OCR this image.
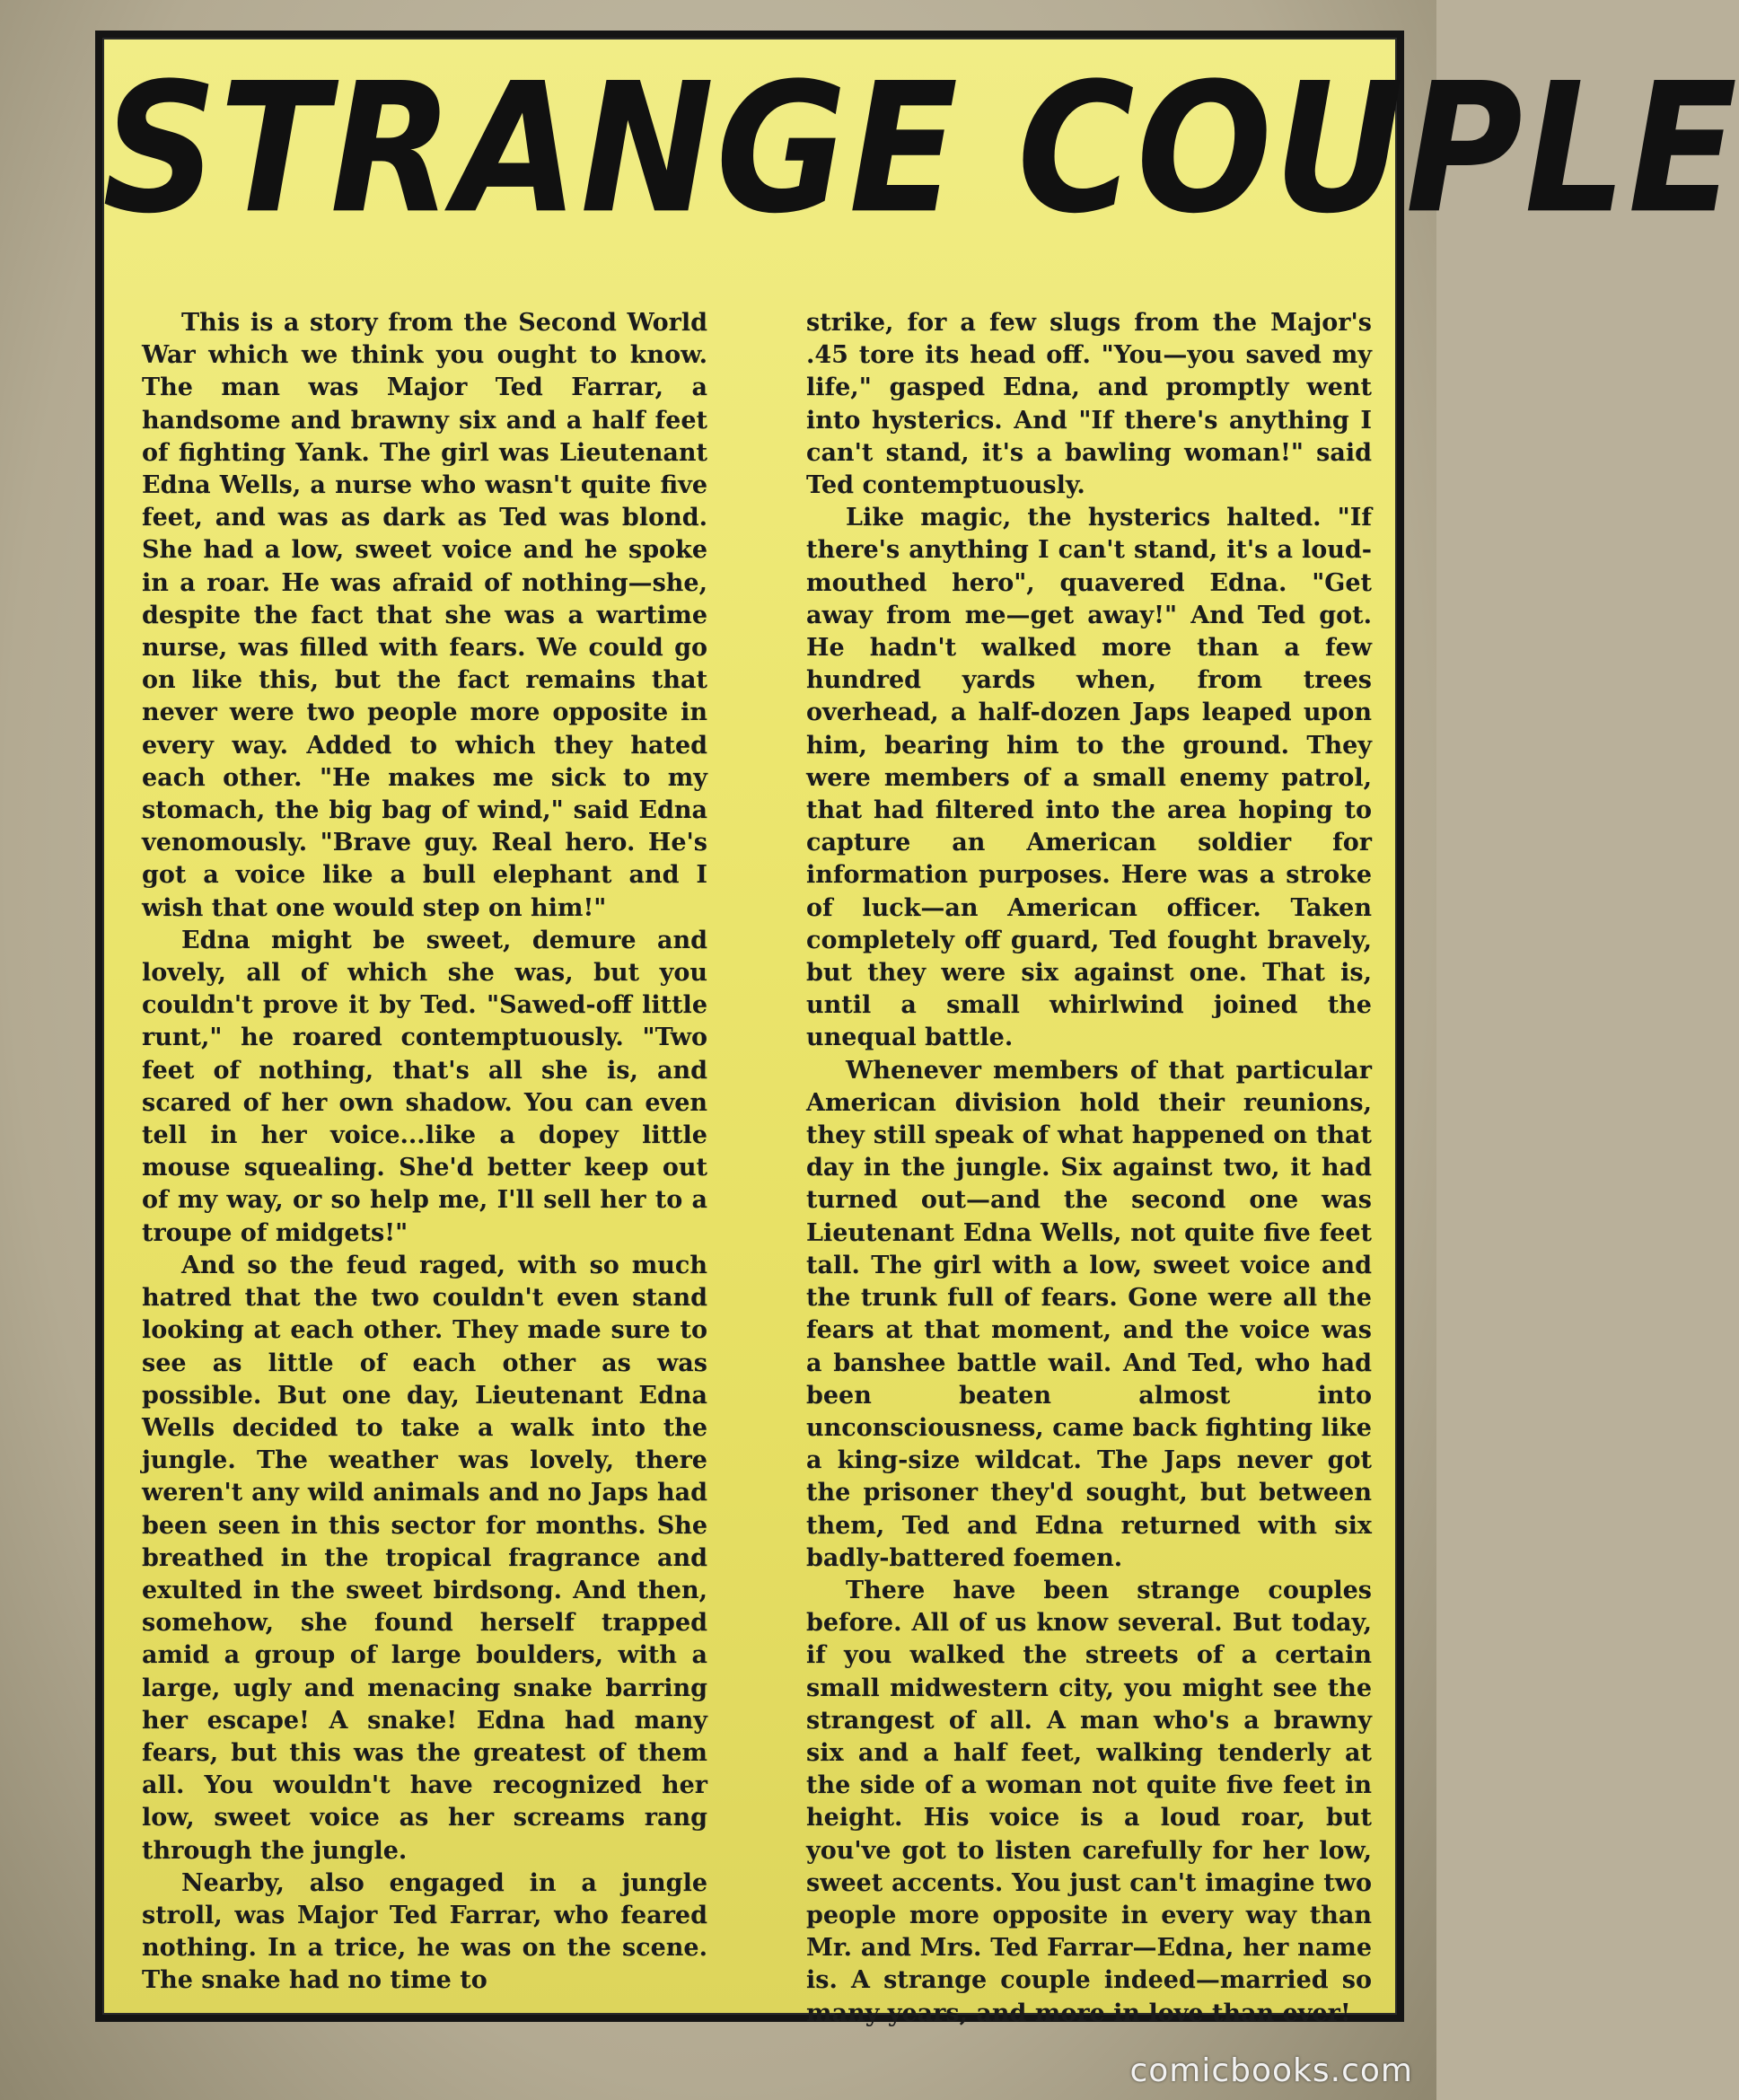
STRANGE COUPLE

This is a story from the Second World War which we think you ought to know. The man was Major Ted Farrar, a handsome and brawny six and a half feet of fighting Yank. The girl was Lieutenant Edna Wells, a nurse who wasn't quite five feet, and was as dark as Ted was blond. She had a low, sweet voice and he spoke in a roar. He was afraid of nothing—she, despite the fact that she was a wartime nurse, was filled with fears. We could go on like this, but the fact remains that never were two people more opposite in every way. Added to which they hated each other. "He makes me sick to my stomach, the big bag of wind," said Edna venomously. "Brave guy. Real hero. He's got a voice like a bull elephant and I wish that one would step on him!"

Edna might be sweet, demure and lovely, all of which she was, but you couldn't prove it by Ted. "Sawed-off little runt," he roared contemptuously. "Two feet of nothing, that's all she is, and scared of her own shadow. You can even tell in her voice...like a dopey little mouse squealing. She'd better keep out of my way, or so help me, I'll sell her to a troupe of midgets!"

And so the feud raged, with so much hatred that the two couldn't even stand looking at each other. They made sure to see as little of each other as was possible. But one day, Lieutenant Edna Wells decided to take a walk into the jungle. The weather was lovely, there weren't any wild animals and no Japs had been seen in this sector for months. She breathed in the tropical fragrance and exulted in the sweet birdsong. And then, somehow, she found herself trapped amid a group of large boulders, with a large, ugly and menacing snake barring her escape! A snake! Edna had many fears, but this was the greatest of them all. You wouldn't have recognized her low, sweet voice as her screams rang through the jungle.

Nearby, also engaged in a jungle stroll, was Major Ted Farrar, who feared nothing. In a trice, he was on the scene. The snake had no time to

strike, for a few slugs from the Major's .45 tore its head off. "You—you saved my life," gasped Edna, and promptly went into hysterics. And "If there's anything I can't stand, it's a bawling woman!" said Ted contemptuously.

Like magic, the hysterics halted. "If there's anything I can't stand, it's a loud-mouthed hero", quavered Edna. "Get away from me—get away!" And Ted got. He hadn't walked more than a few hundred yards when, from trees overhead, a half-dozen Japs leaped upon him, bearing him to the ground. They were members of a small enemy patrol, that had filtered into the area hoping to capture an American soldier for information purposes. Here was a stroke of luck—an American officer. Taken completely off guard, Ted fought bravely, but they were six against one. That is, until a small whirlwind joined the unequal battle.

Whenever members of that particular American division hold their reunions, they still speak of what happened on that day in the jungle. Six against two, it had turned out—and the second one was Lieutenant Edna Wells, not quite five feet tall. The girl with a low, sweet voice and the trunk full of fears. Gone were all the fears at that moment, and the voice was a banshee battle wail. And Ted, who had been beaten almost into unconsciousness, came back fighting like a king-size wildcat. The Japs never got the prisoner they'd sought, but between them, Ted and Edna returned with six badly-battered foemen.

There have been strange couples before. All of us know several. But today, if you walked the streets of a certain small midwestern city, you might see the strangest of all. A man who's a brawny six and a half feet, walking tenderly at the side of a woman not quite five feet in height. His voice is a loud roar, but you've got to listen carefully for her low, sweet accents. You just can't imagine two people more opposite in every way than Mr. and Mrs. Ted Farrar—Edna, her name is. A strange couple indeed—married so many years, and more in love than ever!

comicbooks.com
